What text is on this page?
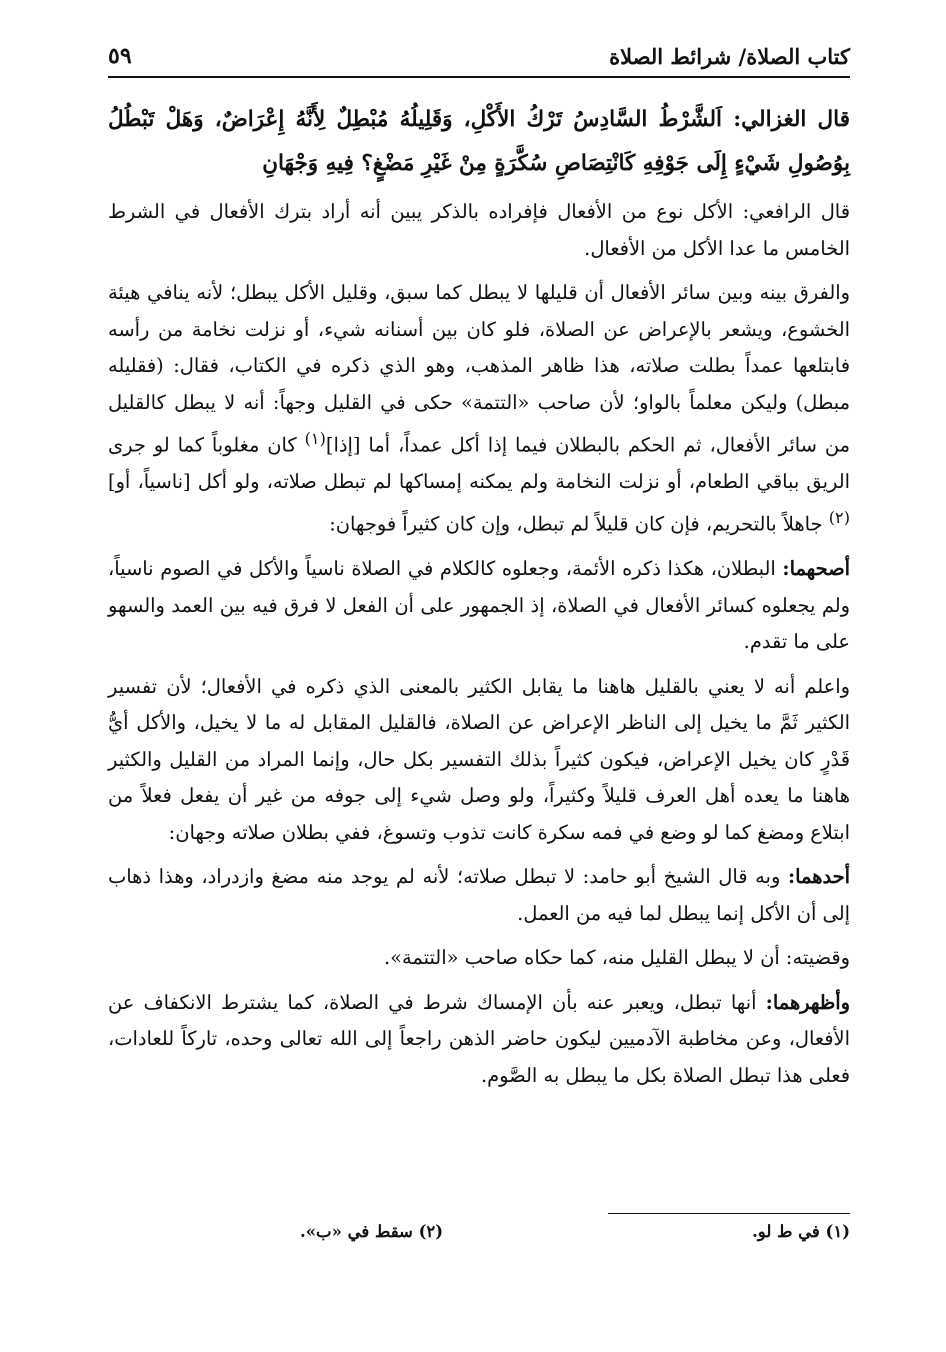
كتاب الصلاة/ شرائط الصلاة
٥٩

قال الغزالي: اَلشَّرْطُ السَّادِسُ تَرْكُ الأَكْلِ، وَقَلِيلُهُ مُبْطِلٌ لِأَنَّهُ إِعْرَاضٌ، وَهَلْ تَبْطُلُ بِوُصُولِ شَيْءٍ إِلَى جَوْفِهِ كَانْتِصَاصِ سُكَّرَةٍ مِنْ غَيْرِ مَضْغٍ؟ فِيهِ وَجْهَانِ

قال الرافعي: الأكل نوع من الأفعال فإفراده بالذكر يبين أنه أراد بترك الأفعال في الشرط الخامس ما عدا الأكل من الأفعال.

والفرق بينه وبين سائر الأفعال أن قليلها لا يبطل كما سبق، وقليل الأكل يبطل؛ لأنه ينافي هيئة الخشوع، ويشعر بالإعراض عن الصلاة، فلو كان بين أسنانه شيء، أو نزلت نخامة من رأسه فابتلعها عمداً بطلت صلاته، هذا ظاهر المذهب، وهو الذي ذكره في الكتاب، فقال: (فقليله مبطل) وليكن معلماً بالواو؛ لأن صاحب «التتمة» حكى في القليل وجهاً: أنه لا يبطل كالقليل من سائر الأفعال، ثم الحكم بالبطلان فيما إذا أكل عمداً، أما [إذا]$^{(١)}$ كان مغلوباً كما لو جرى الريق بباقي الطعام، أو نزلت النخامة ولم يمكنه إمساكها لم تبطل صلاته، ولو أكل [ناسياً، أو]$^{(٢)}$ جاهلاً بالتحريم، فإن كان قليلاً لم تبطل، وإن كان كثيراً فوجهان:

أصحهما: البطلان، هكذا ذكره الأئمة، وجعلوه كالكلام في الصلاة ناسياً والأكل في الصوم ناسياً، ولم يجعلوه كسائر الأفعال في الصلاة، إذ الجمهور على أن الفعل لا فرق فيه بين العمد والسهو على ما تقدم.

واعلم أنه لا يعني بالقليل هاهنا ما يقابل الكثير بالمعنى الذي ذكره في الأفعال؛ لأن تفسير الكثير ثَمَّ ما يخيل إلى الناظر الإعراض عن الصلاة، فالقليل المقابل له ما لا يخيل، والأكل أيُّ قَدْرٍ كان يخيل الإعراض، فيكون كثيراً بذلك التفسير بكل حال، وإنما المراد من القليل والكثير هاهنا ما يعده أهل العرف قليلاً وكثيراً، ولو وصل شيء إلى جوفه من غير أن يفعل فعلاً من ابتلاع ومضغ كما لو وضع في فمه سكرة كانت تذوب وتسوغ، ففي بطلان صلاته وجهان:

أحدهما: وبه قال الشيخ أبو حامد: لا تبطل صلاته؛ لأنه لم يوجد منه مضغ وازدراد، وهذا ذهاب إلى أن الأكل إنما يبطل لما فيه من العمل.

وقضيته: أن لا يبطل القليل منه، كما حكاه صاحب «التتمة».

وأظهرهما: أنها تبطل، ويعبر عنه بأن الإمساك شرط في الصلاة، كما يشترط الانكفاف عن الأفعال، وعن مخاطبة الآدميين ليكون حاضر الذهن راجعاً إلى الله تعالى وحده، تاركاً للعادات، فعلى هذا تبطل الصلاة بكل ما يبطل به الصَّوم.

(١) في ط لو.
(٢) سقط في «ب».
